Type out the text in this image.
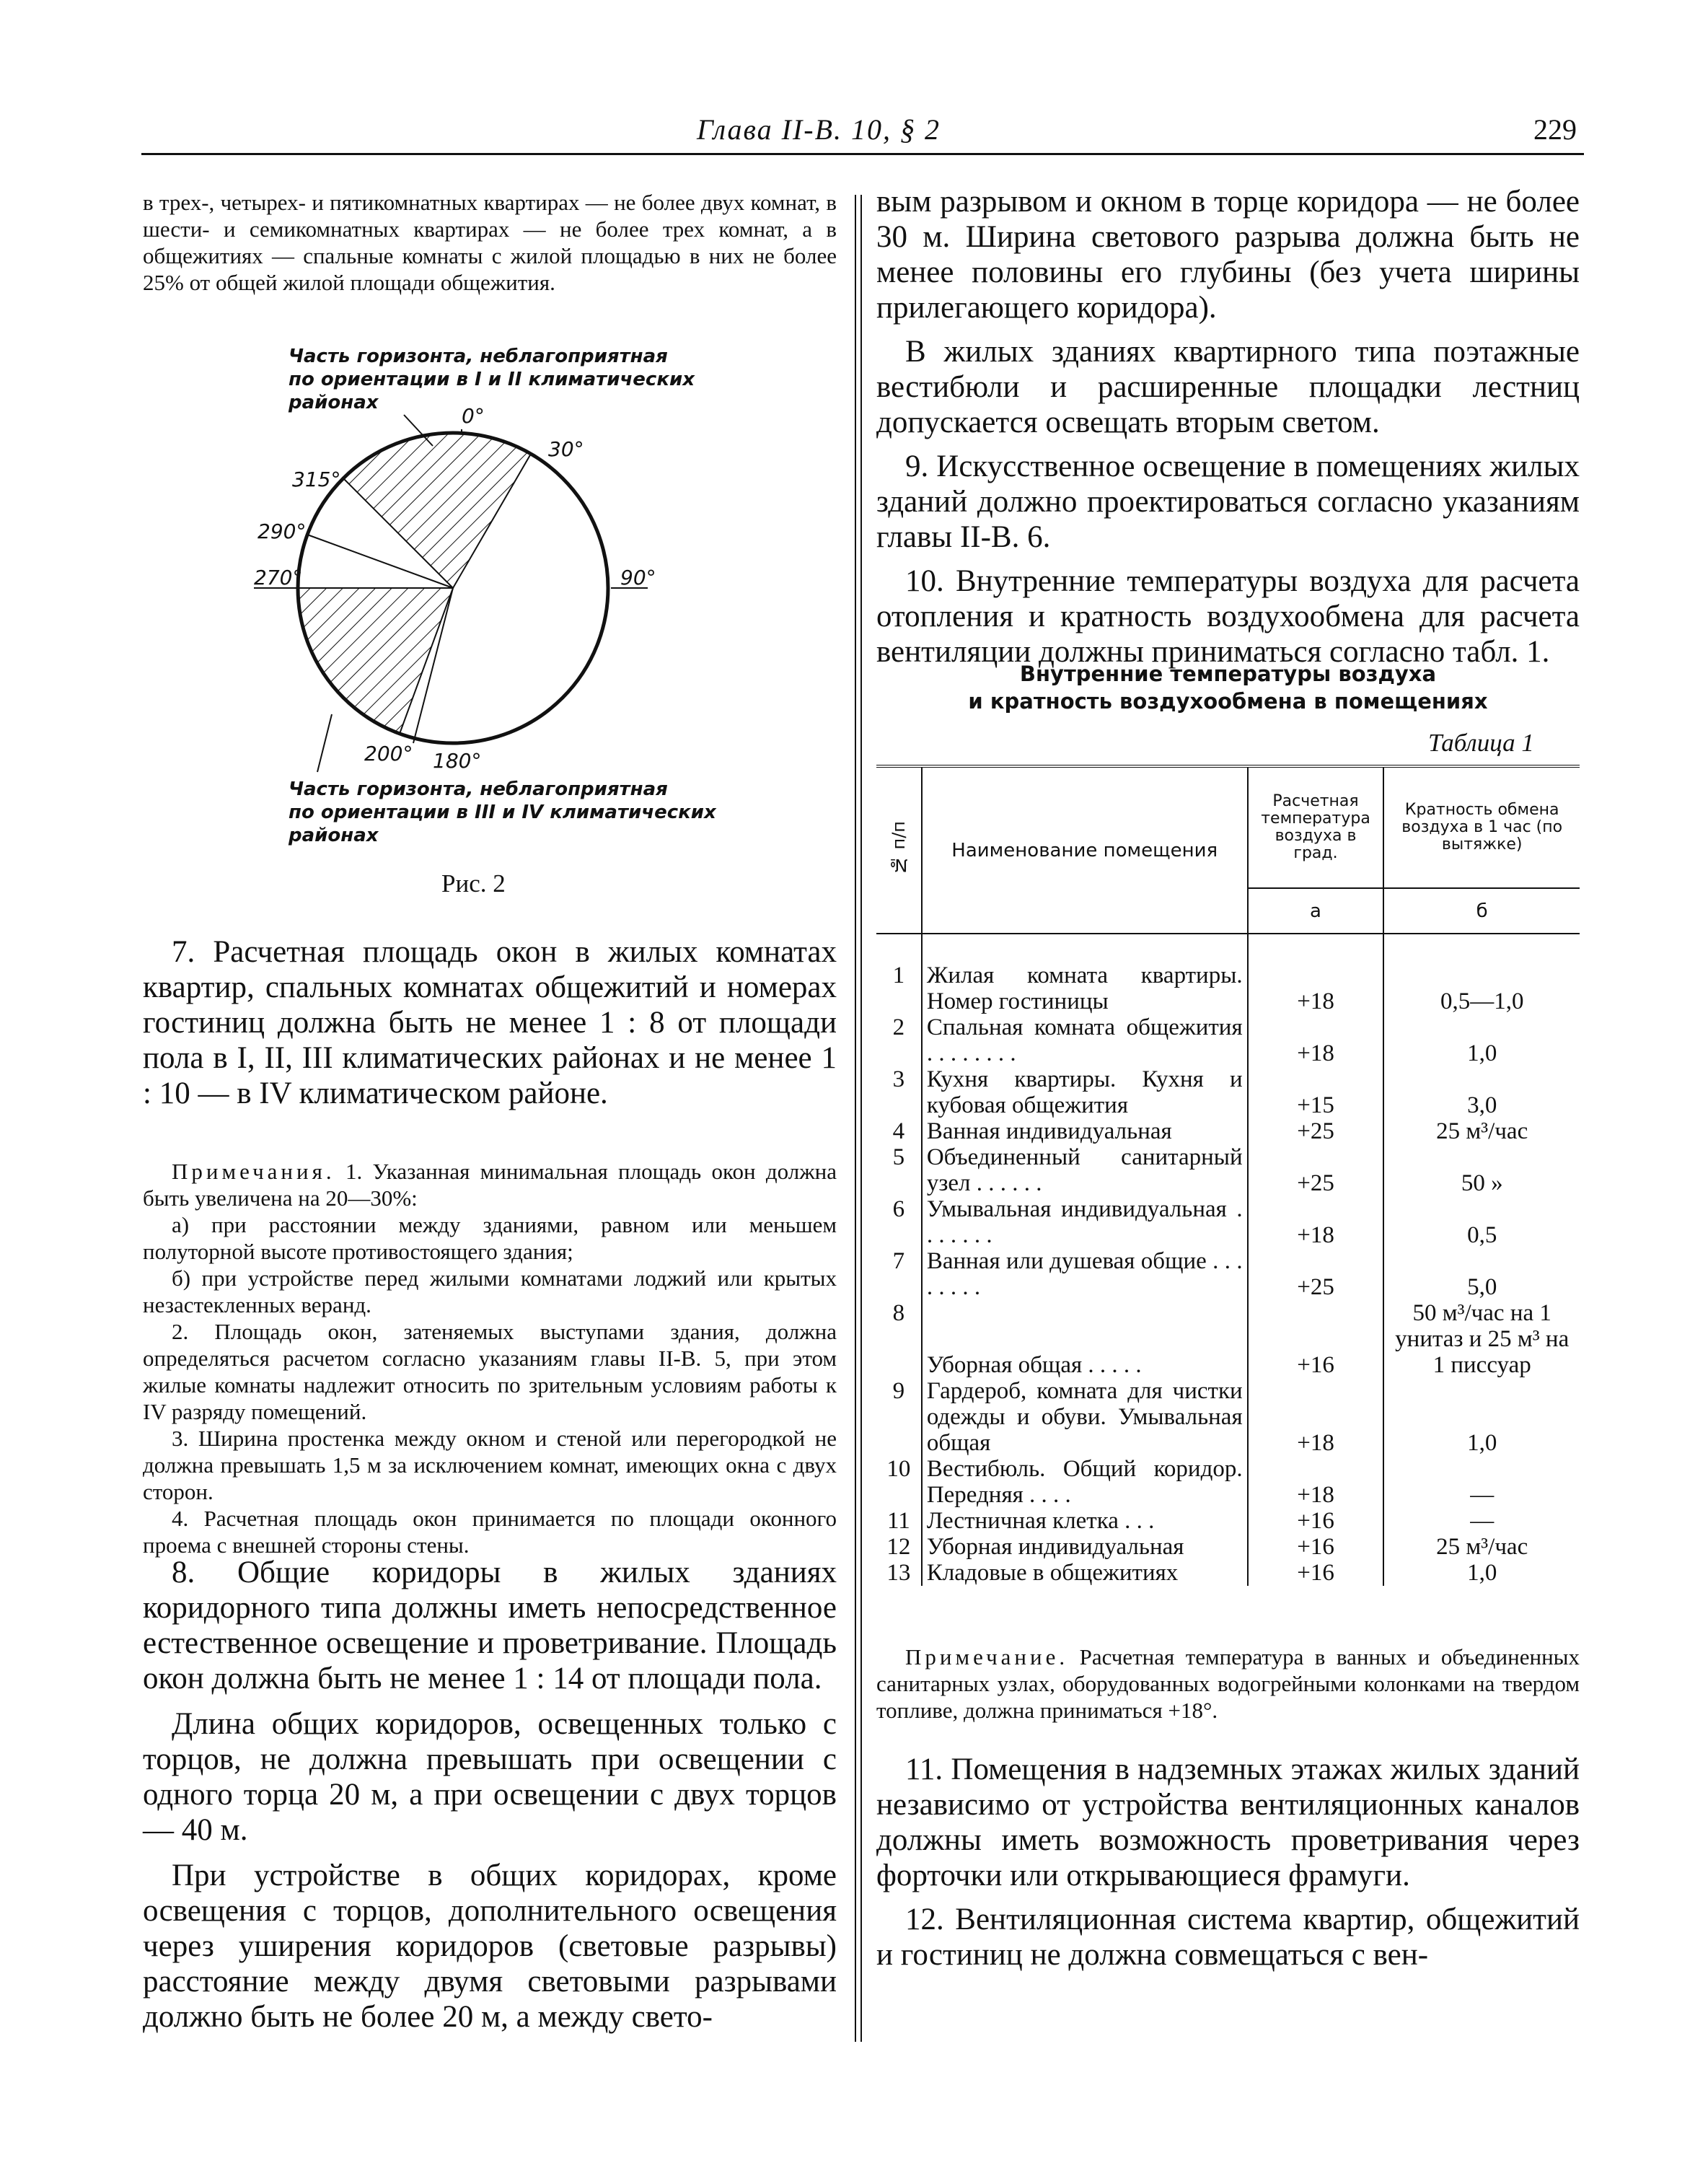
Глава II-В. 10, § 2	229

в трех-, четырех- и пятикомнатных квартирах — не более двух комнат, в шести- и семикомнатных квартирах — не более трех комнат, а в общежитиях — спальные комнаты с жилой площадью в них не более 25% от общей жилой площади общежития.

Часть горизонта, неблагоприятная
по ориентации в I и II климатических
районах
0°
30°
315°
290°
270°	90°
200° 180°
Часть горизонта, неблагоприятная
по ориентации в III и IV климатических
районах
Рис. 2

7. Расчетная площадь окон в жилых комнатах квартир, спальных комнатах общежитий и номерах гостиниц должна быть не менее 1 : 8 от площади пола в I, II, III климатических районах и не менее 1 : 10 — в IV климатическом районе.

Примечания. 1. Указанная минимальная площадь окон должна быть увеличена на 20—30%:

а) при расстоянии между зданиями, равном или меньшем полуторной высоте противостоящего здания;

б) при устройстве перед жилыми комнатами лоджий или крытых незастекленных веранд.

2. Площадь окон, затеняемых выступами здания, должна определяться расчетом согласно указаниям главы II-В. 5, при этом жилые комнаты надлежит относить по зрительным условиям работы к IV разряду помещений.

3. Ширина простенка между окном и стеной или перегородкой не должна превышать 1,5 м за исключением комнат, имеющих окна с двух сторон.

4. Расчетная площадь окон принимается по площади оконного проема с внешней стороны стены.

8. Общие коридоры в жилых зданиях коридорного типа должны иметь непосредственное естественное освещение и проветривание. Площадь окон должна быть не менее 1 : 14 от площади пола.

Длина общих коридоров, освещенных только с торцов, не должна превышать при освещении с одного торца 20 м, а при освещении с двух торцов — 40 м.

При устройстве в общих коридорах, кроме освещения с торцов, дополнительного освещения через уширения коридоров (световые разрывы) расстояние между двумя световыми разрывами должно быть не более 20 м, а между свето-

вым разрывом и окном в торце коридора — не более 30 м. Ширина светового разрыва должна быть не менее половины его глубины (без учета ширины прилегающего коридора).

В жилых зданиях квартирного типа поэтажные вестибюли и расширенные площадки лестниц допускается освещать вторым светом.

9. Искусственное освещение в помещениях жилых зданий должно проектироваться согласно указаниям главы II-В. 6.

10. Внутренние температуры воздуха для расчета отопления и кратность воздухообмена для расчета вентиляции должны приниматься согласно табл. 1.

Внутренние температуры воздуха
и кратность воздухообмена в помещениях
Таблица 1
№ п/п	Наименование помещения	Расчетная температура воздуха в град.	Кратность обмена воздуха в 1 час (по вытяжке)
		а	б

1	Жилая комната квартиры. Номер гостиницы	+18	0,5—1,0
2	Спальная комната общежития . . . . . . . .	+18	1,0
3	Кухня квартиры. Кухня и кубовая общежития	+15	3,0
4	Ванная индивидуальная	+25	25 м³/час
5	Объединенный санитарный узел . . . . . .	+25	50 »
6	Умывальная индивидуальная . . . . . . .	+18	0,5
7	Ванная или душевая общие . . . . . . . .	+25	5,0
8	Уборная общая . . . . .	+16	50 м³/час на 1 унитаз и 25 м³ на 1 писсуар
9	Гардероб, комната для чистки одежды и обуви. Умывальная общая	+18	1,0
10	Вестибюль. Общий коридор. Передняя . . . .	+18	—
11	Лестничная клетка . . .	+16	—
12	Уборная индивидуальная	+16	25 м³/час
13	Кладовые в общежитиях	+16	1,0

Примечание. Расчетная температура в ванных и объединенных санитарных узлах, оборудованных водогрейными колонками на твердом топливе, должна приниматься +18°.

11. Помещения в надземных этажах жилых зданий независимо от устройства вентиляционных каналов должны иметь возможность проветривания через форточки или открывающиеся фрамуги.

12. Вентиляционная система квартир, общежитий и гостиниц не должна совмещаться с вен-
